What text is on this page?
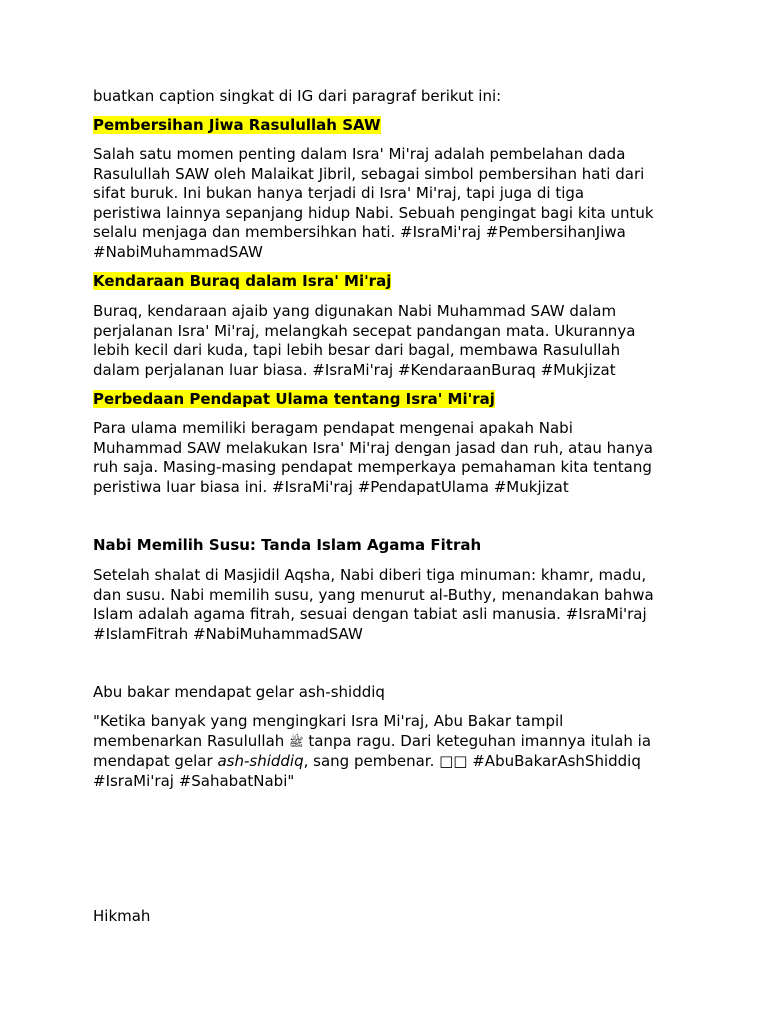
buatkan caption singkat di IG dari paragraf berikut ini:

Pembersihan Jiwa Rasulullah SAW

Salah satu momen penting dalam Isra' Mi'raj adalah pembelahan dada
Rasulullah SAW oleh Malaikat Jibril, sebagai simbol pembersihan hati dari
sifat buruk. Ini bukan hanya terjadi di Isra' Mi'raj, tapi juga di tiga
peristiwa lainnya sepanjang hidup Nabi. Sebuah pengingat bagi kita untuk
selalu menjaga dan membersihkan hati. #IsraMi'raj #PembersihanJiwa
#NabiMuhammadSAW

Kendaraan Buraq dalam Isra' Mi'raj

Buraq, kendaraan ajaib yang digunakan Nabi Muhammad SAW dalam
perjalanan Isra' Mi'raj, melangkah secepat pandangan mata. Ukurannya
lebih kecil dari kuda, tapi lebih besar dari bagal, membawa Rasulullah
dalam perjalanan luar biasa. #IsraMi'raj #KendaraanBuraq #Mukjizat

Perbedaan Pendapat Ulama tentang Isra' Mi'raj

Para ulama memiliki beragam pendapat mengenai apakah Nabi
Muhammad SAW melakukan Isra' Mi'raj dengan jasad dan ruh, atau hanya
ruh saja. Masing-masing pendapat memperkaya pemahaman kita tentang
peristiwa luar biasa ini. #IsraMi'raj #PendapatUlama #Mukjizat

Nabi Memilih Susu: Tanda Islam Agama Fitrah

Setelah shalat di Masjidil Aqsha, Nabi diberi tiga minuman: khamr, madu,
dan susu. Nabi memilih susu, yang menurut al-Buthy, menandakan bahwa
Islam adalah agama fitrah, sesuai dengan tabiat asli manusia. #IsraMi'raj
#IslamFitrah #NabiMuhammadSAW

Abu bakar mendapat gelar ash-shiddiq

"Ketika banyak yang mengingkari Isra Mi'raj, Abu Bakar tampil
membenarkan Rasulullah ﷺ tanpa ragu. Dari keteguhan imannya itulah ia
mendapat gelar ash-shiddiq, sang pembenar. □□ #AbuBakarAshShiddiq
#IsraMi'raj #SahabatNabi"

Hikmah
